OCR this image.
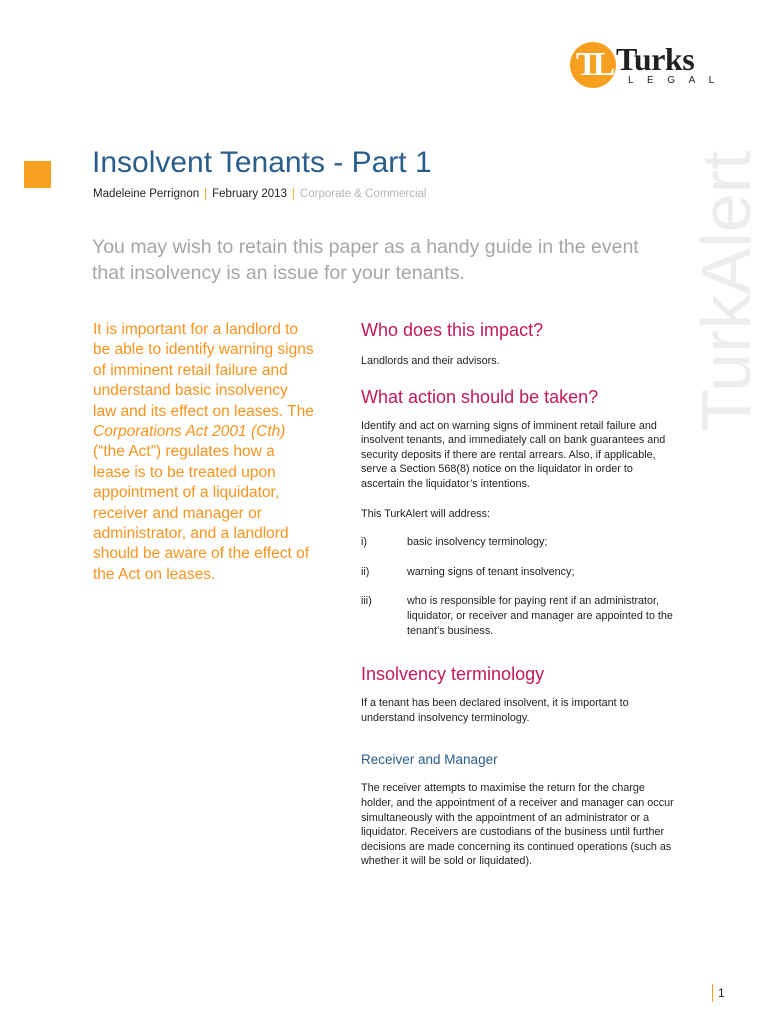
TL Turks
LEGAL
TurkAlert
Insolvent Tenants - Part 1
Madeleine Perrignon | February 2013 | Corporate & Commercial

You may wish to retain this paper as a handy guide in the event that insolvency is an issue for your tenants.

It is important for a landlord to be able to identify warning signs of imminent retail failure and understand basic insolvency law and its effect on leases. The Corporations Act 2001 (Cth) (“the Act”) regulates how a lease is to be treated upon appointment of a liquidator, receiver and manager or administrator, and a landlord should be aware of the effect of the Act on leases.

Who does this impact?

Landlords and their advisors.

What action should be taken?

Identify and act on warning signs of imminent retail failure and insolvent tenants, and immediately call on bank guarantees and security deposits if there are rental arrears. Also, if applicable, serve a Section 568(8) notice on the liquidator in order to ascertain the liquidator’s intentions.

This TurkAlert will address:

i)	basic insolvency terminology;
ii)	warning signs of tenant insolvency;
iii)	who is responsible for paying rent if an administrator, liquidator, or receiver and manager are appointed to the tenant’s business.
Insolvency terminology

If a tenant has been declared insolvent, it is important to understand insolvency terminology.

Receiver and Manager

The receiver attempts to maximise the return for the charge holder, and the appointment of a receiver and manager can occur simultaneously with the appointment of an administrator or a liquidator. Receivers are custodians of the business until further decisions are made concerning its continued operations (such as whether it will be sold or liquidated).

1
